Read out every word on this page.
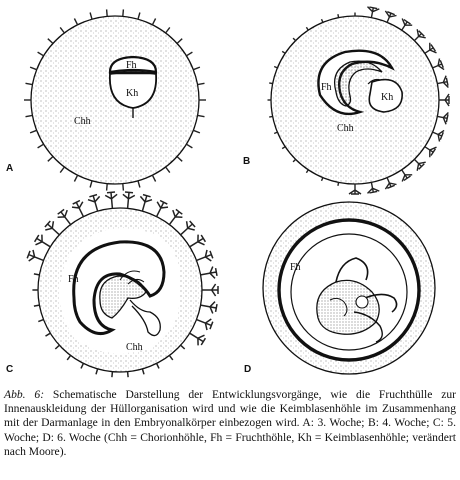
Fh
Kh
Chh
A
Fh
Kh
Chh
B
Fh
Chh
C
Fh
D
Abb. 6: Schematische Darstellung der Entwicklungsvorgänge, wie die Fruchthülle zur Innenauskleidung der Hüllorganisation wird und wie die Keimblasenhöhle im Zusammenhang mit der Darmanlage in den Embryonalkörper einbezogen wird. A: 3. Woche; B: 4. Woche; C: 5. Woche; D: 6. Woche (Chh = Chorionhöhle, Fh = Fruchthöhle, Kh = Keimblasenhöhle; verändert nach Moore).
